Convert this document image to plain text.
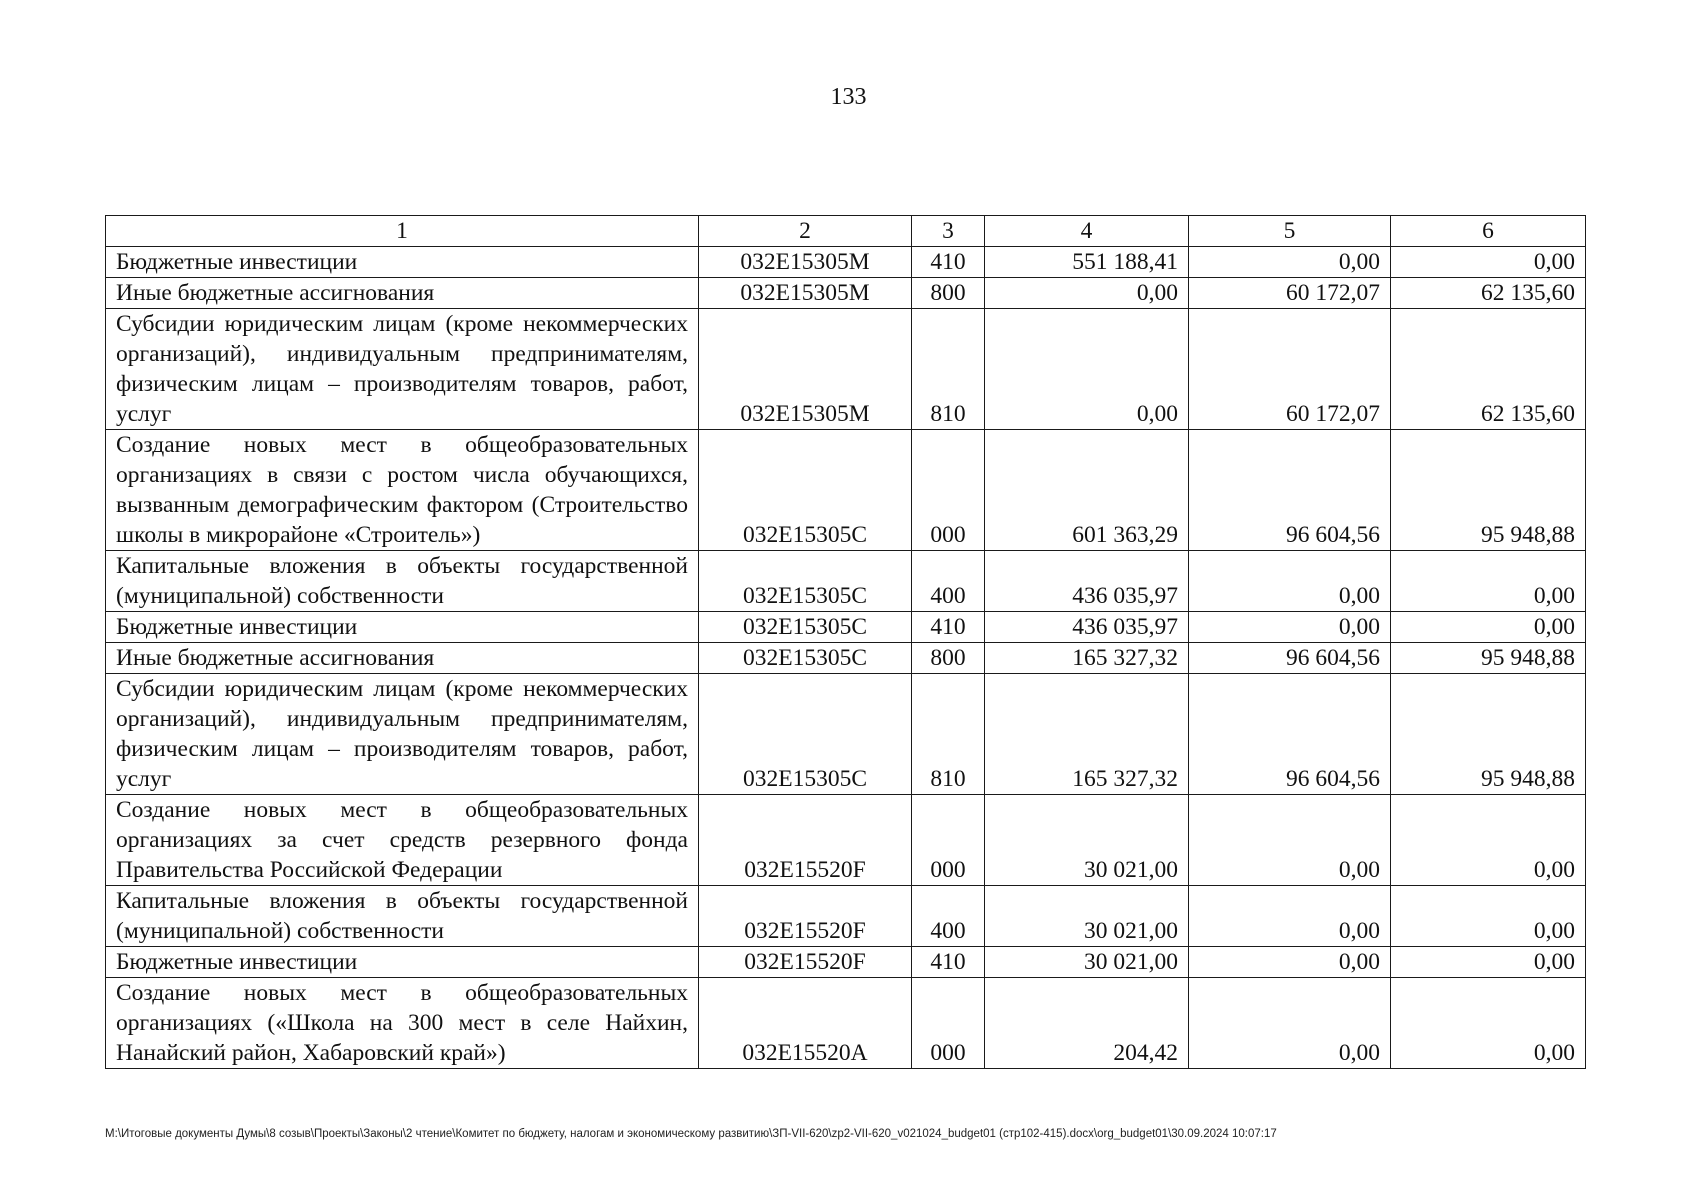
133
1	2	3	4	5	6
Бюджетные инвестиции	032E15305M	410	551 188,41	0,00	0,00
Иные бюджетные ассигнования	032E15305M	800	0,00	60 172,07	62 135,60
Субсидии юридическим лицам (кроме некоммерческих организаций), индивидуальным предпринимателям, физическим лицам – производителям товаров, работ, услуг	032E15305M	810	0,00	60 172,07	62 135,60
Создание новых мест в общеобразовательных организациях в связи с ростом числа обучающихся, вызванным демографическим фактором (Строительство школы в микрорайоне «Строитель»)	032E15305C	000	601 363,29	96 604,56	95 948,88
Капитальные вложения в объекты государственной (муниципальной) собственности	032E15305C	400	436 035,97	0,00	0,00
Бюджетные инвестиции	032E15305C	410	436 035,97	0,00	0,00
Иные бюджетные ассигнования	032E15305C	800	165 327,32	96 604,56	95 948,88
Субсидии юридическим лицам (кроме некоммерческих организаций), индивидуальным предпринимателям, физическим лицам – производителям товаров, работ, услуг	032E15305C	810	165 327,32	96 604,56	95 948,88
Создание новых мест в общеобразовательных организациях за счет средств резервного фонда Правительства Российской Федерации	032E15520F	000	30 021,00	0,00	0,00
Капитальные вложения в объекты государственной (муниципальной) собственности	032E15520F	400	30 021,00	0,00	0,00
Бюджетные инвестиции	032E15520F	410	30 021,00	0,00	0,00
Создание новых мест в общеобразовательных организациях («Школа на 300 мест в селе Найхин, Нанайский район, Хабаровский край»)	032E15520A	000	204,42	0,00	0,00
M:\Итоговые документы Думы\8 созыв\Проекты\Законы\2 чтение\Комитет по бюджету, налогам и экономическому развитию\ЗП-VII-620\zp2-VII-620_v021024_budget01 (стр102-415).docx\org_budget01\30.09.2024 10:07:17
